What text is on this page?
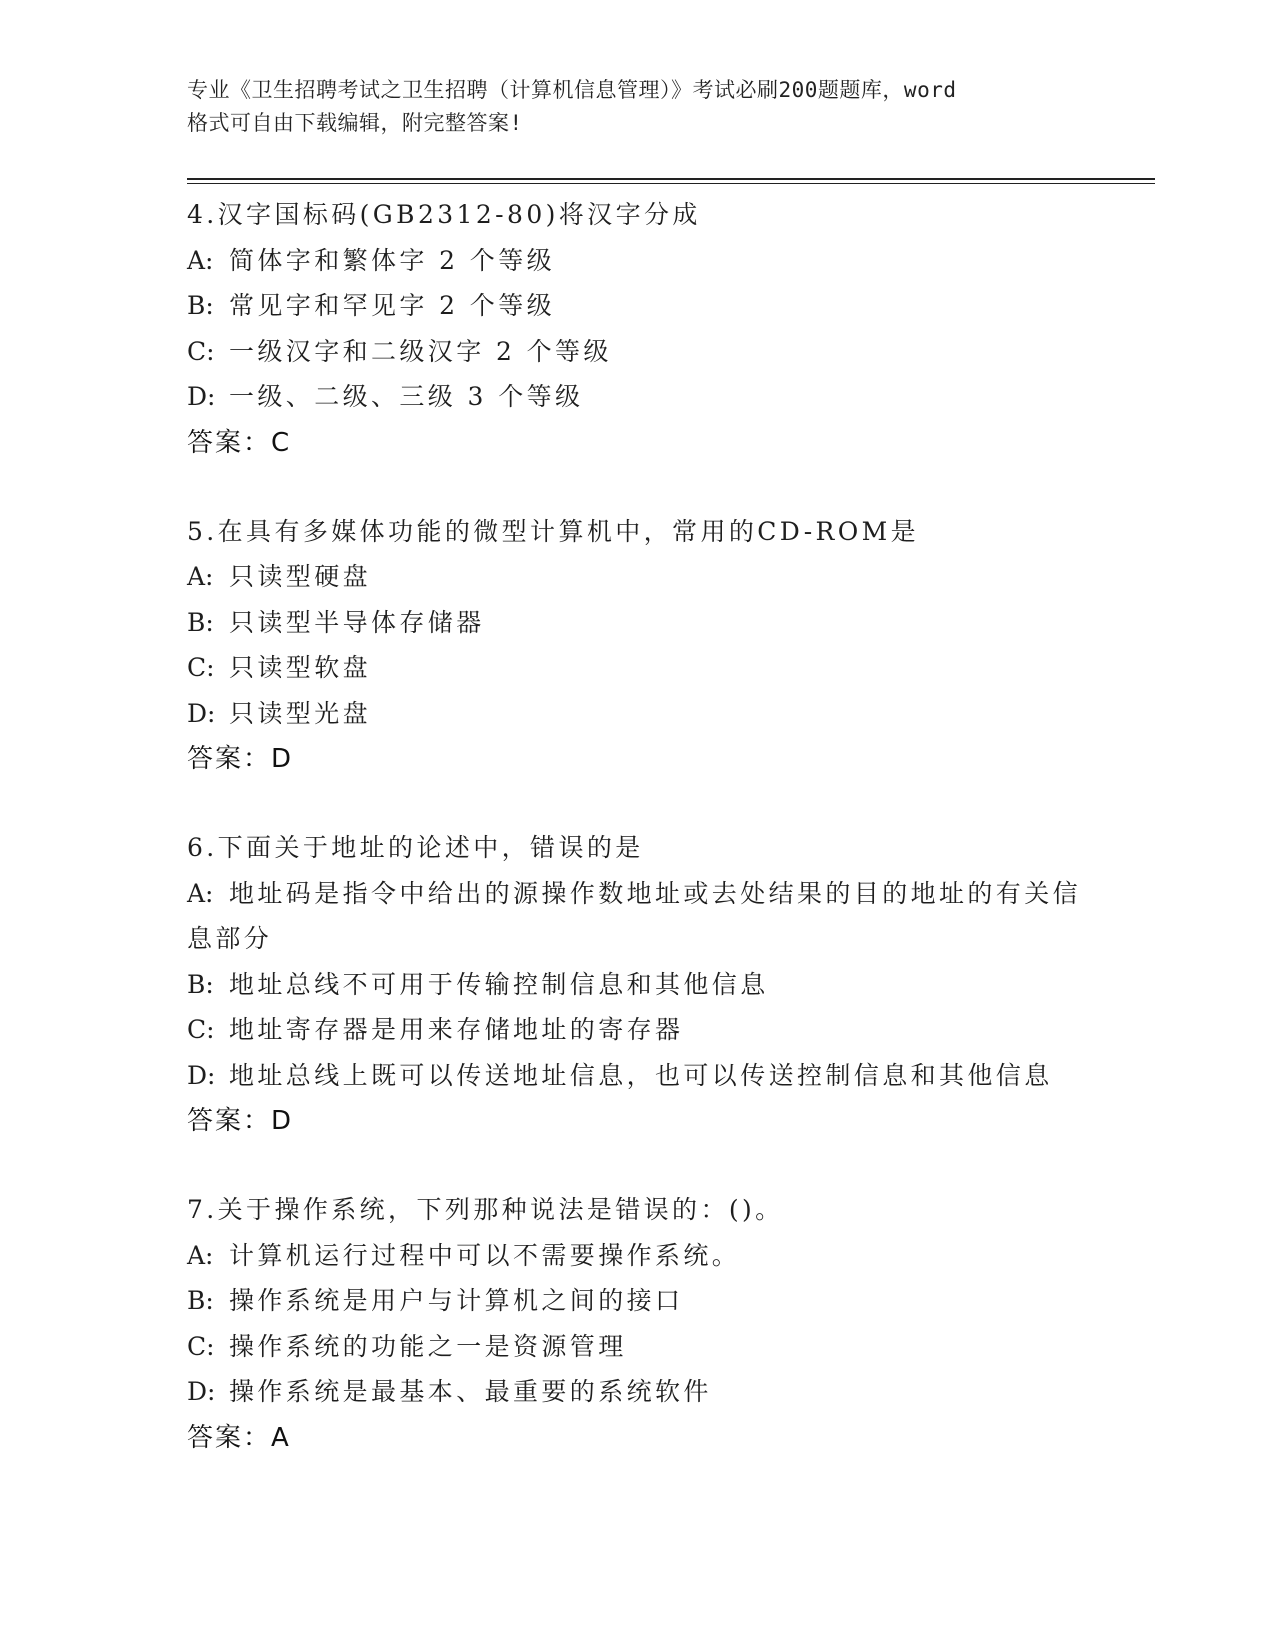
专业《卫生招聘考试之卫生招聘（计算机信息管理）》考试必刷200题题库，word
格式可自由下载编辑，附完整答案!
4.汉字国标码(GB2312-80)将汉字分成
A: 简体字和繁体字 2 个等级
B: 常见字和罕见字 2 个等级
C: 一级汉字和二级汉字 2 个等级
D: 一级、二级、三级 3 个等级
答案：C
5.在具有多媒体功能的微型计算机中，常用的CD-ROM是
A: 只读型硬盘
B: 只读型半导体存储器
C: 只读型软盘
D: 只读型光盘
答案：D
6.下面关于地址的论述中，错误的是
A: 地址码是指令中给出的源操作数地址或去处结果的目的地址的有关信息部分
B: 地址总线不可用于传输控制信息和其他信息
C: 地址寄存器是用来存储地址的寄存器
D: 地址总线上既可以传送地址信息，也可以传送控制信息和其他信息
答案：D
7.关于操作系统，下列那种说法是错误的：()。
A: 计算机运行过程中可以不需要操作系统。
B: 操作系统是用户与计算机之间的接口
C: 操作系统的功能之一是资源管理
D: 操作系统是最基本、最重要的系统软件
答案：A
